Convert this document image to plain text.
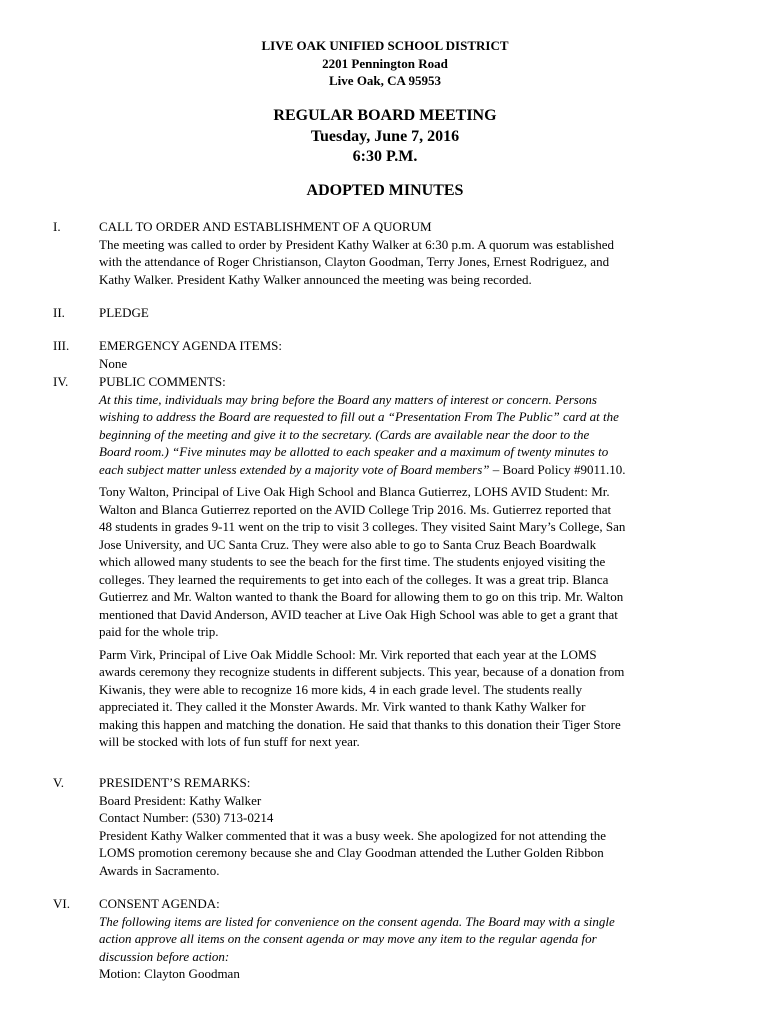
LIVE OAK UNIFIED SCHOOL DISTRICT
2201 Pennington Road
Live Oak, CA 95953
REGULAR BOARD MEETING
Tuesday, June 7, 2016
6:30 P.M.
ADOPTED MINUTES
I.	CALL TO ORDER AND ESTABLISHMENT OF A QUORUM

The meeting was called to order by President Kathy Walker at 6:30 p.m. A quorum was established

with the attendance of Roger Christianson, Clayton Goodman, Terry Jones, Ernest Rodriguez, and

Kathy Walker. President Kathy Walker announced the meeting was being recorded.

II.	PLEDGE

III.	EMERGENCY AGENDA ITEMS:

None

IV.	PUBLIC COMMENTS:

At this time, individuals may bring before the Board any matters of interest or concern. Persons

wishing to address the Board are requested to fill out a “Presentation From The Public” card at the

beginning of the meeting and give it to the secretary. (Cards are available near the door to the

Board room.) “Five minutes may be allotted to each speaker and a maximum of twenty minutes to

each subject matter unless extended by a majority vote of Board members” – Board Policy #9011.10.

Tony Walton, Principal of Live Oak High School and Blanca Gutierrez, LOHS AVID Student: Mr.

Walton and Blanca Gutierrez reported on the AVID College Trip 2016. Ms. Gutierrez reported that

48 students in grades 9-11 went on the trip to visit 3 colleges. They visited Saint Mary’s College, San

Jose University, and UC Santa Cruz. They were also able to go to Santa Cruz Beach Boardwalk

which allowed many students to see the beach for the first time. The students enjoyed visiting the

colleges. They learned the requirements to get into each of the colleges. It was a great trip. Blanca

Gutierrez and Mr. Walton wanted to thank the Board for allowing them to go on this trip. Mr. Walton

mentioned that David Anderson, AVID teacher at Live Oak High School was able to get a grant that

paid for the whole trip.

Parm Virk, Principal of Live Oak Middle School: Mr. Virk reported that each year at the LOMS

awards ceremony they recognize students in different subjects. This year, because of a donation from

Kiwanis, they were able to recognize 16 more kids, 4 in each grade level. The students really

appreciated it. They called it the Monster Awards. Mr. Virk wanted to thank Kathy Walker for

making this happen and matching the donation. He said that thanks to this donation their Tiger Store

will be stocked with lots of fun stuff for next year.

V.	PRESIDENT’S REMARKS:

Board President: Kathy Walker

Contact Number: (530) 713-0214

President Kathy Walker commented that it was a busy week. She apologized for not attending the

LOMS promotion ceremony because she and Clay Goodman attended the Luther Golden Ribbon

Awards in Sacramento.

VI.	CONSENT AGENDA:

The following items are listed for convenience on the consent agenda. The Board may with a single

action approve all items on the consent agenda or may move any item to the regular agenda for

discussion before action:

Motion: Clayton Goodman
